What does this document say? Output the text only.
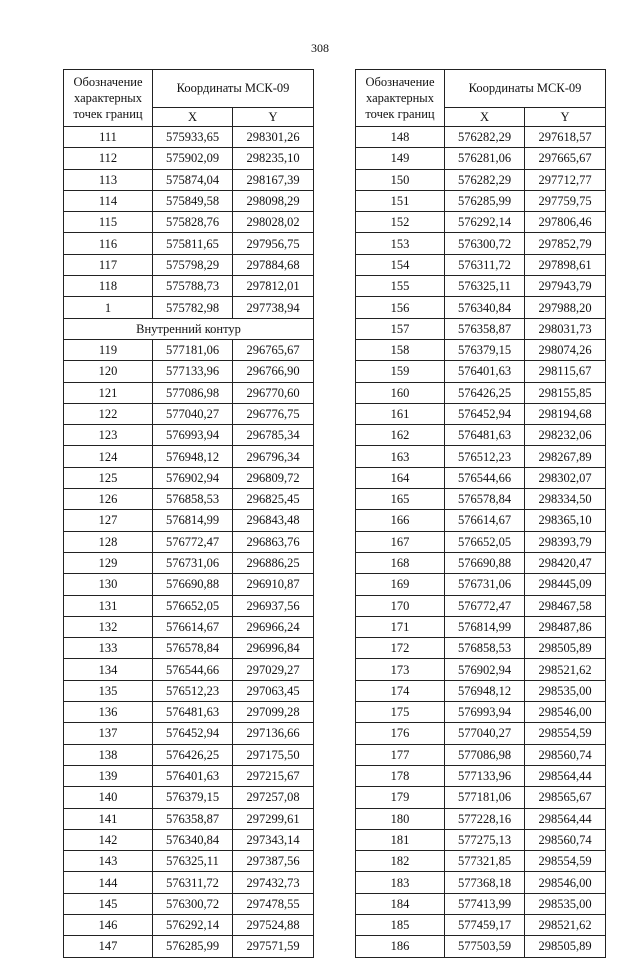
308
Обозначение характерных точек границ	Координаты МСК-09	
	X	Y
111	575933,65	298301,26
112	575902,09	298235,10
113	575874,04	298167,39
114	575849,58	298098,29
115	575828,76	298028,02
116	575811,65	297956,75
117	575798,29	297884,68
118	575788,73	297812,01
1	575782,98	297738,94
Внутренний контур		
119	577181,06	296765,67
120	577133,96	296766,90
121	577086,98	296770,60
122	577040,27	296776,75
123	576993,94	296785,34
124	576948,12	296796,34
125	576902,94	296809,72
126	576858,53	296825,45
127	576814,99	296843,48
128	576772,47	296863,76
129	576731,06	296886,25
130	576690,88	296910,87
131	576652,05	296937,56
132	576614,67	296966,24
133	576578,84	296996,84
134	576544,66	297029,27
135	576512,23	297063,45
136	576481,63	297099,28
137	576452,94	297136,66
138	576426,25	297175,50
139	576401,63	297215,67
140	576379,15	297257,08
141	576358,87	297299,61
142	576340,84	297343,14
143	576325,11	297387,56
144	576311,72	297432,73
145	576300,72	297478,55
146	576292,14	297524,88
147	576285,99	297571,59
Обозначение характерных точек границ	Координаты МСК-09	
	X	Y
148	576282,29	297618,57
149	576281,06	297665,67
150	576282,29	297712,77
151	576285,99	297759,75
152	576292,14	297806,46
153	576300,72	297852,79
154	576311,72	297898,61
155	576325,11	297943,79
156	576340,84	297988,20
157	576358,87	298031,73
158	576379,15	298074,26
159	576401,63	298115,67
160	576426,25	298155,85
161	576452,94	298194,68
162	576481,63	298232,06
163	576512,23	298267,89
164	576544,66	298302,07
165	576578,84	298334,50
166	576614,67	298365,10
167	576652,05	298393,79
168	576690,88	298420,47
169	576731,06	298445,09
170	576772,47	298467,58
171	576814,99	298487,86
172	576858,53	298505,89
173	576902,94	298521,62
174	576948,12	298535,00
175	576993,94	298546,00
176	577040,27	298554,59
177	577086,98	298560,74
178	577133,96	298564,44
179	577181,06	298565,67
180	577228,16	298564,44
181	577275,13	298560,74
182	577321,85	298554,59
183	577368,18	298546,00
184	577413,99	298535,00
185	577459,17	298521,62
186	577503,59	298505,89
